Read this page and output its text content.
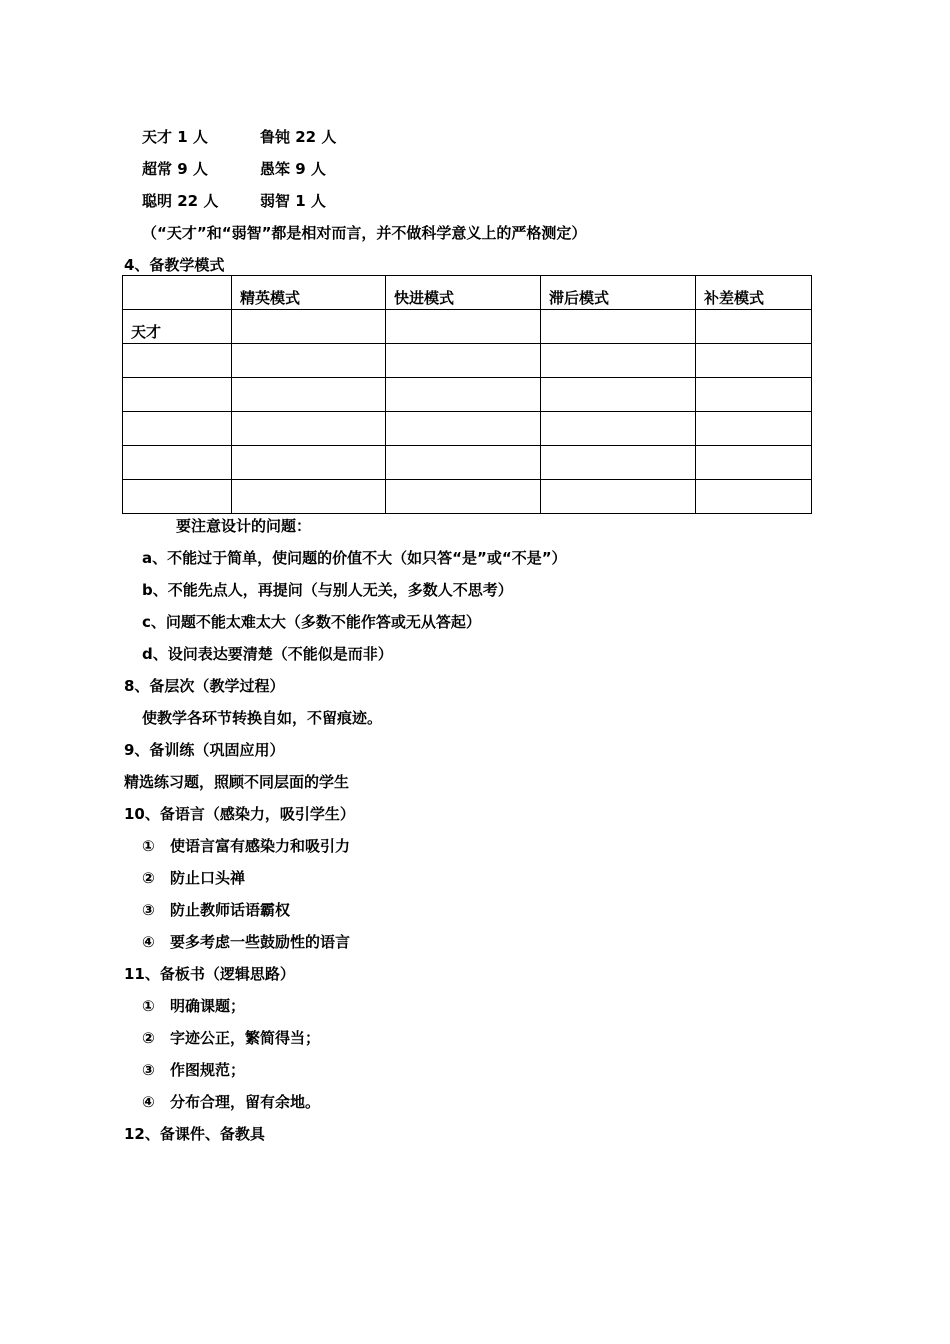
天才 1 人	鲁钝 22 人
超常 9 人	愚笨 9 人
聪明 22 人	弱智 1 人
（“天才”和“弱智”都是相对而言，并不做科学意义上的严格测定）
4、备教学模式
	精英模式	快进模式	滞后模式	补差模式
天才				

要注意设计的问题：
a、不能过于简单，使问题的价值不大（如只答“是”或“不是”）
b、不能先点人，再提问（与别人无关，多数人不思考）
c、问题不能太难太大（多数不能作答或无从答起）
d、设问表达要清楚（不能似是而非）
8、备层次（教学过程）
使教学各环节转换自如，不留痕迹。
9、备训练（巩固应用）
精选练习题，照顾不同层面的学生
10、备语言（感染力，吸引学生）
① 使语言富有感染力和吸引力
② 防止口头禅
③ 防止教师话语霸权
④ 要多考虑一些鼓励性的语言
11、备板书（逻辑思路）
① 明确课题；
② 字迹公正，繁简得当；
③ 作图规范；
④ 分布合理，留有余地。
12、备课件、备教具
